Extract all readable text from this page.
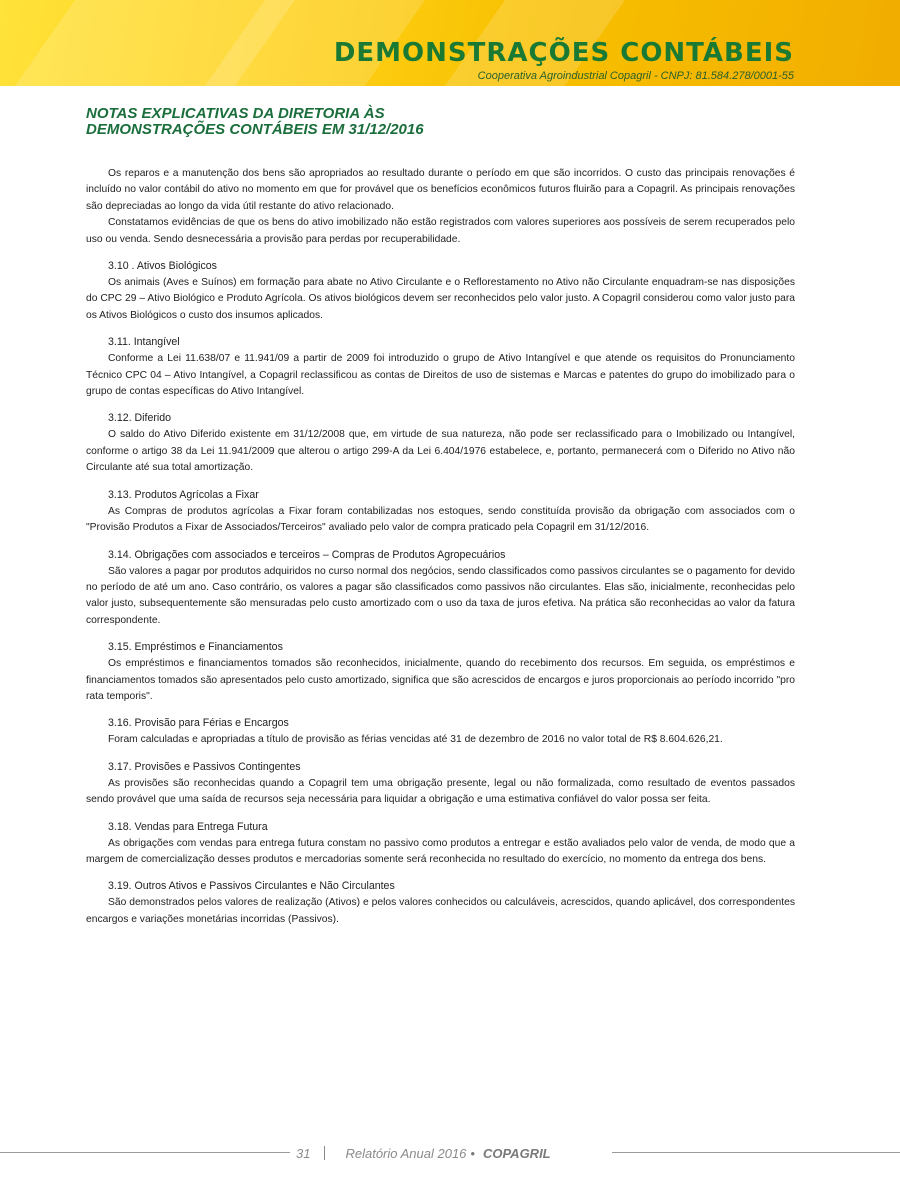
DEMONSTRAÇÕES CONTÁBEIS
Cooperativa Agroindustrial Copagril - CNPJ: 81.584.278/0001-55
NOTAS EXPLICATIVAS DA DIRETORIA ÀS
DEMONSTRAÇÕES CONTÁBEIS EM 31/12/2016

Os reparos e a manutenção dos bens são apropriados ao resultado durante o período em que são incorridos. O custo das principais renovações é incluído no valor contábil do ativo no momento em que for provável que os benefícios econômicos futuros fluirão para a Copagril. As principais renovações são depreciadas ao longo da vida útil restante do ativo relacionado.

Constatamos evidências de que os bens do ativo imobilizado não estão registrados com valores superiores aos possíveis de serem recuperados pelo uso ou venda. Sendo desnecessária a provisão para perdas por recuperabilidade.

3.10 . Ativos Biológicos

Os animais (Aves e Suínos) em formação para abate no Ativo Circulante e o Reflorestamento no Ativo não Circulante enquadram-se nas disposições do CPC 29 – Ativo Biológico e Produto Agrícola. Os ativos biológicos devem ser reconhecidos pelo valor justo. A Copagril considerou como valor justo para os Ativos Biológicos o custo dos insumos aplicados.

3.11. Intangível

Conforme a Lei 11.638/07 e 11.941/09 a partir de 2009 foi introduzido o grupo de Ativo Intangível e que atende os requisitos do Pronunciamento Técnico CPC 04 – Ativo Intangível, a Copagril reclassificou as contas de Direitos de uso de sistemas e Marcas e patentes do grupo do imobilizado para o grupo de contas específicas do Ativo Intangível.

3.12. Diferido

O saldo do Ativo Diferido existente em 31/12/2008 que, em virtude de sua natureza, não pode ser reclassificado para o Imobilizado ou Intangível, conforme o artigo 38 da Lei 11.941/2009 que alterou o artigo 299-A da Lei 6.404/1976 estabelece, e, portanto, permanecerá com o Diferido no Ativo não Circulante até sua total amortização.

3.13. Produtos Agrícolas a Fixar

As Compras de produtos agrícolas a Fixar foram contabilizadas nos estoques, sendo constituída provisão da obrigação com associados com o "Provisão Produtos a Fixar de Associados/Terceiros" avaliado pelo valor de compra praticado pela Copagril em 31/12/2016.

3.14. Obrigações com associados e terceiros – Compras de Produtos Agropecuários

São valores a pagar por produtos adquiridos no curso normal dos negócios, sendo classificados como passivos circulantes se o pagamento for devido no período de até um ano. Caso contrário, os valores a pagar são classificados como passivos não circulantes. Elas são, inicialmente, reconhecidas pelo valor justo, subsequentemente são mensuradas pelo custo amortizado com o uso da taxa de juros efetiva. Na prática são reconhecidas ao valor da fatura correspondente.

3.15. Empréstimos e Financiamentos

Os empréstimos e financiamentos tomados são reconhecidos, inicialmente, quando do recebimento dos recursos. Em seguida, os empréstimos e financiamentos tomados são apresentados pelo custo amortizado, significa que são acrescidos de encargos e juros proporcionais ao período incorrido "pro rata temporis".

3.16. Provisão para Férias e Encargos

Foram calculadas e apropriadas a título de provisão as férias vencidas até 31 de dezembro de 2016 no valor total de R$ 8.604.626,21.

3.17. Provisões e Passivos Contingentes

As provisões são reconhecidas quando a Copagril tem uma obrigação presente, legal ou não formalizada, como resultado de eventos passados sendo provável que uma saída de recursos seja necessária para liquidar a obrigação e uma estimativa confiável do valor possa ser feita.

3.18. Vendas para Entrega Futura

As obrigações com vendas para entrega futura constam no passivo como produtos a entregar e estão avaliados pelo valor de venda, de modo que a margem de comercialização desses produtos e mercadorias somente será reconhecida no resultado do exercício, no momento da entrega dos bens.

3.19. Outros Ativos e Passivos Circulantes e Não Circulantes

São demonstrados pelos valores de realização (Ativos) e pelos valores conhecidos ou calculáveis, acrescidos, quando aplicável, dos correspondentes encargos e variações monetárias incorridas (Passivos).

31	Relatório Anual 2016 • COPAGRIL
